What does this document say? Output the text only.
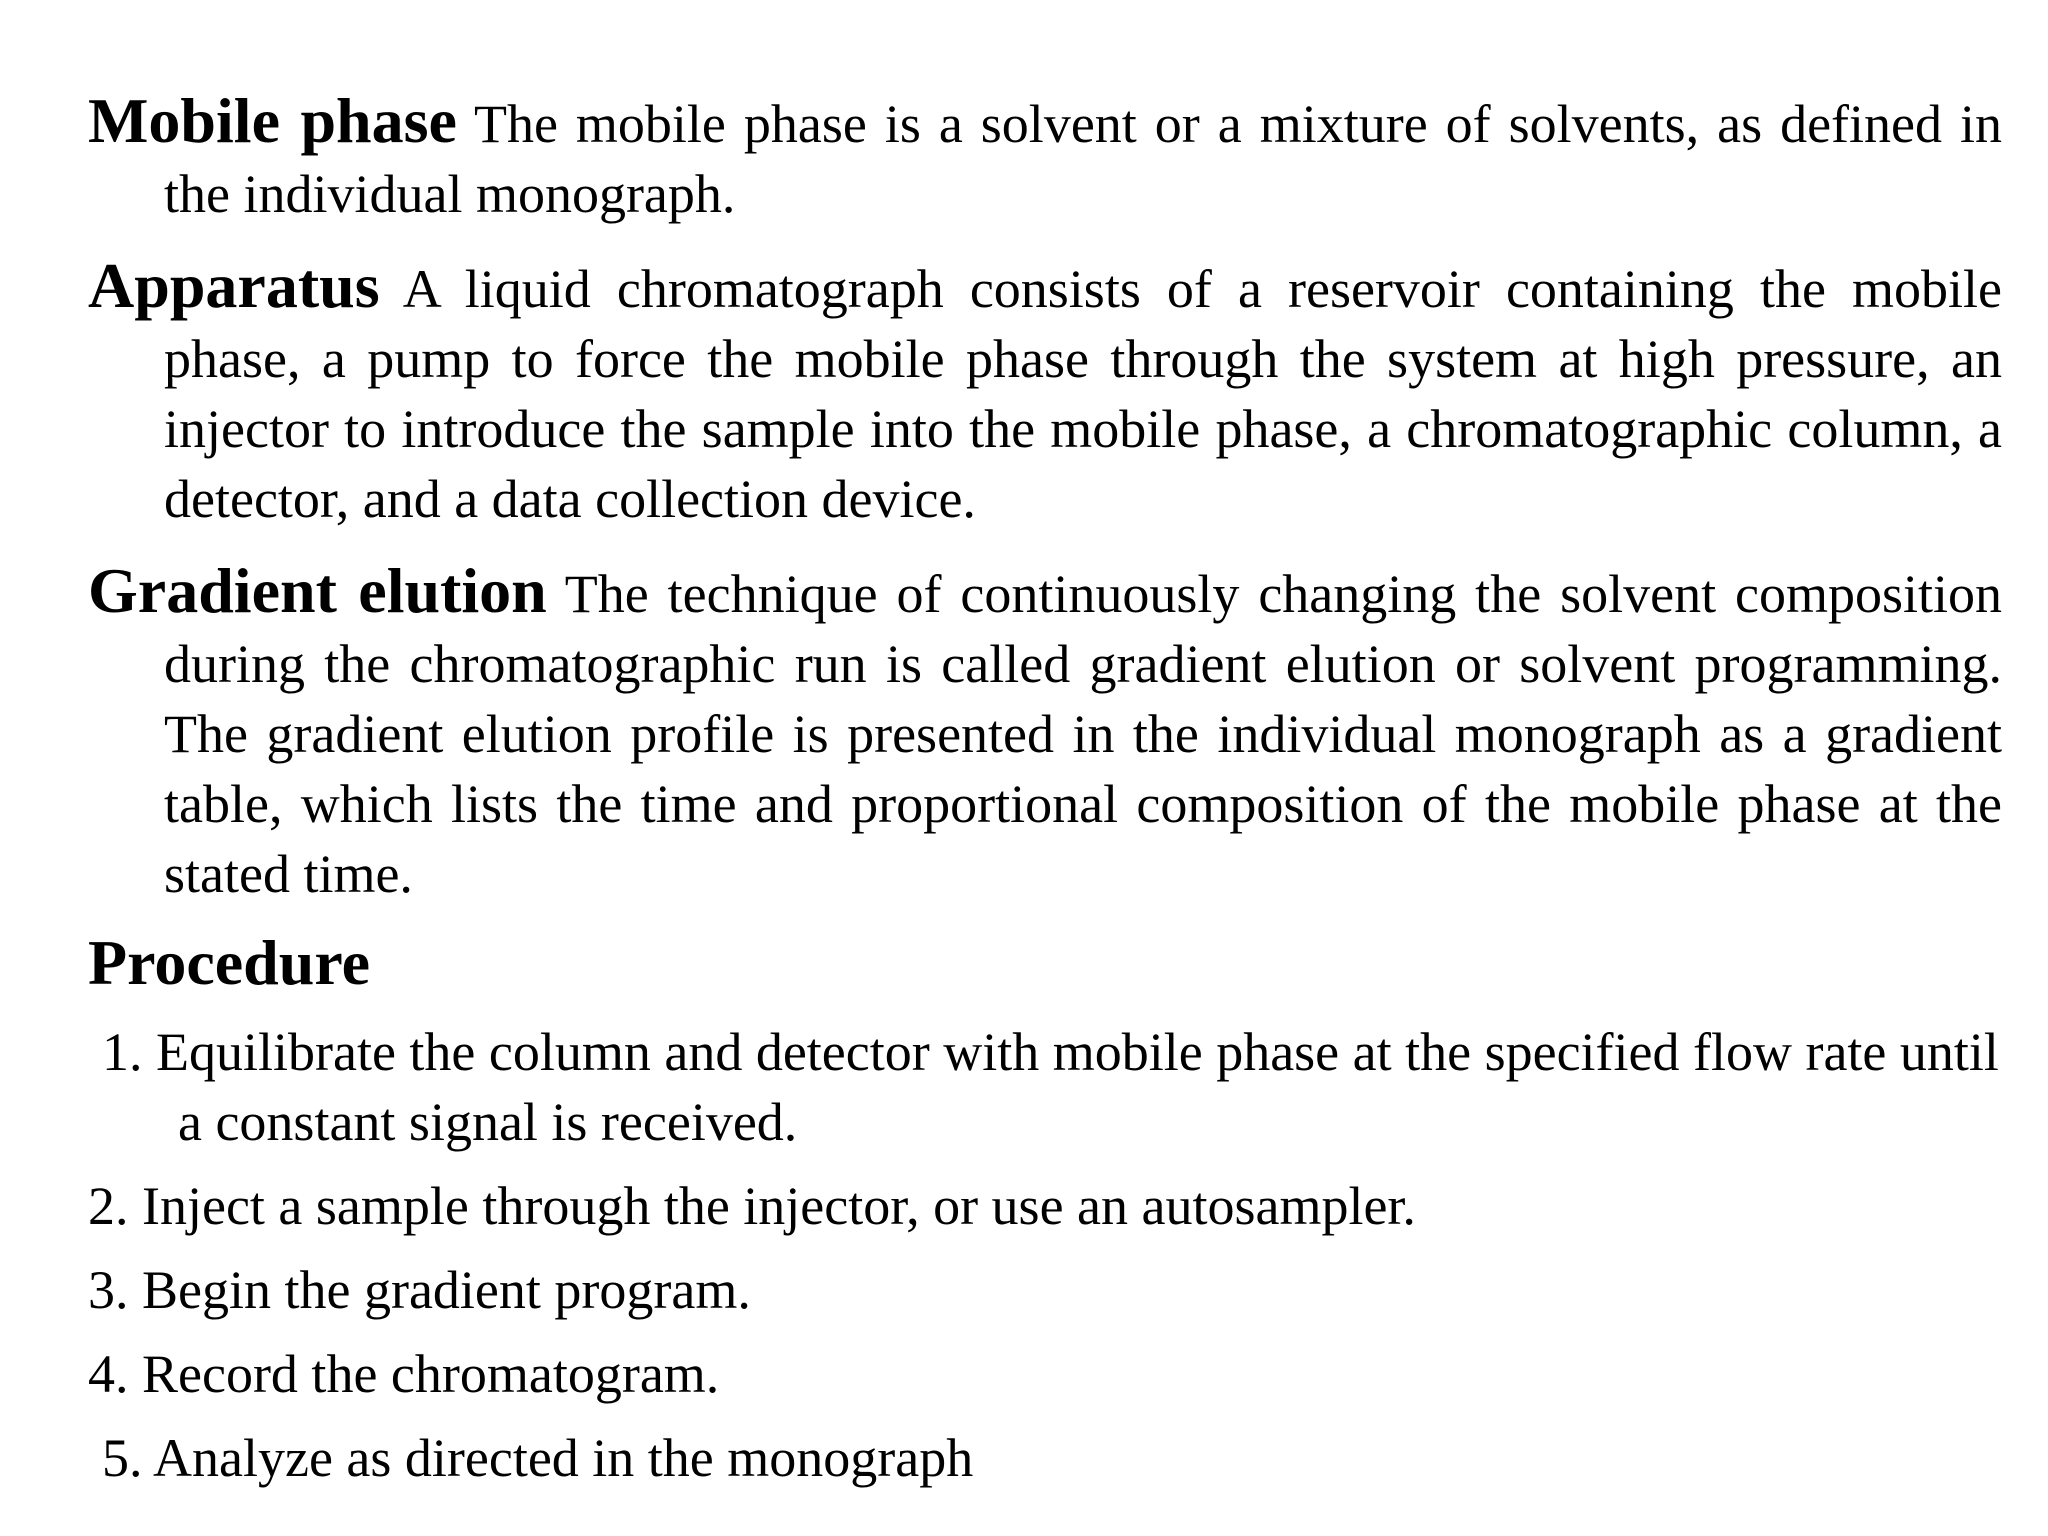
Mobile phase The mobile phase is a solvent or a mixture of solvents, as defined in the individual monograph.

Apparatus A liquid chromatograph consists of a reservoir containing the mobile phase, a pump to force the mobile phase through the system at high pressure, an injector to introduce the sample into the mobile phase, a chromatographic column, a detector, and a data collection device.

Gradient elution The technique of continuously changing the solvent composition during the chromatographic run is called gradient elution or solvent programming. The gradient elution profile is presented in the individual monograph as a gradient table, which lists the time and proportional composition of the mobile phase at the stated time.

Procedure
1. Equilibrate the column and detector with mobile phase at the specified flow rate until a constant signal is received.
2. Inject a sample through the injector, or use an autosampler.
3. Begin the gradient program.
4. Record the chromatogram.
5. Analyze as directed in the monograph
